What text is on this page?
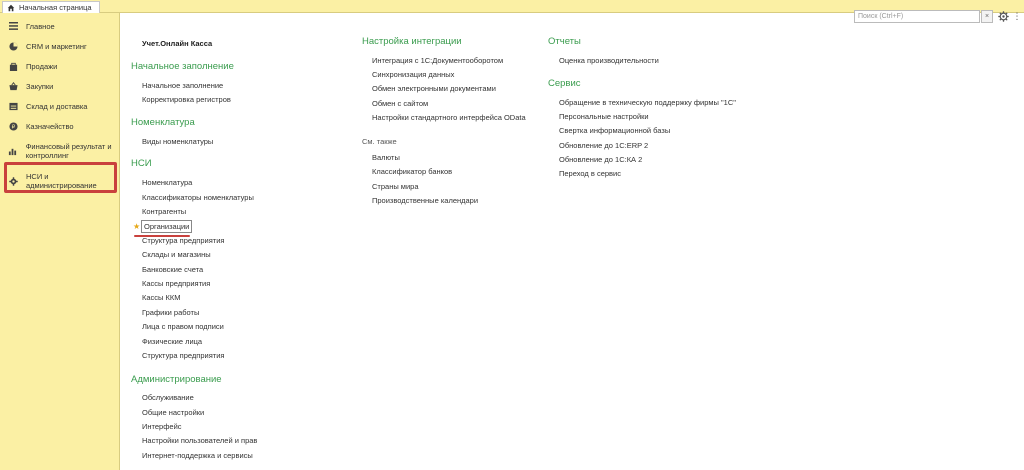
Начальная страница
Главное
CRM и маркетинг
Продажи
Закупки
Склад и доставка
₽ Казначейство
Финансовый результат и контроллинг
НСИ и администрирование
Поиск (Ctrl+F)	×	⋮
Учет.Онлайн Касса
Начальное заполнение
Начальное заполнение
Корректировка регистров
Номенклатура
Виды номенклатуры
НСИ
Номенклатура
Классификаторы номенклатуры
Контрагенты
★ Организации
Структура предприятия
Склады и магазины
Банковские счета
Кассы предприятия
Кассы ККМ
Графики работы
Лица с правом подписи
Физические лица
Структура предприятия
Администрирование
Обслуживание
Общие настройки
Интерфейс
Настройки пользователей и прав
Интернет-поддержка и сервисы
Настройка интеграции
Интеграция с 1С:Документооборотом
Синхронизация данных
Обмен электронными документами
Обмен с сайтом
Настройки стандартного интерфейса OData
См. также
Валюты
Классификатор банков
Страны мира
Производственные календари
Отчеты
Оценка производительности
Сервис
Обращение в техническую поддержку фирмы "1С"
Персональные настройки
Свертка информационной базы
Обновление до 1С:ERP 2
Обновление до 1С:КА 2
Переход в сервис
